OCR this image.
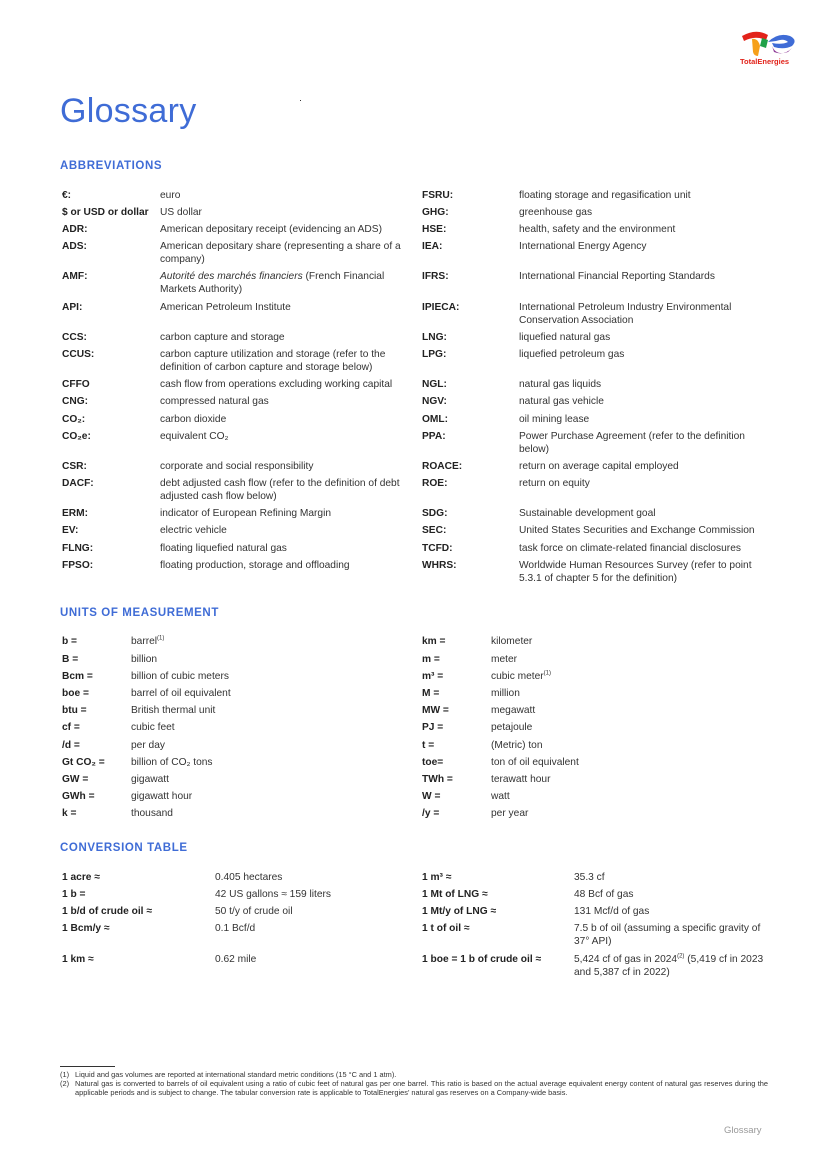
TotalEnergies
Glossary
ABBREVIATIONS
€:	euro
$ or USD or dollar US dollar
ADR:	American depositary receipt (evidencing an ADS)
ADS:	American depositary share (representing a share of a company)
AMF:	Autorité des marchés financiers (French Financial Markets Authority)
API:	American Petroleum Institute
CCS:	carbon capture and storage
CCUS:	carbon capture utilization and storage (refer to the definition of carbon capture and storage below)
CFFO	cash flow from operations excluding working capital
CNG:	compressed natural gas
CO₂:	carbon dioxide
CO₂e:	equivalent CO₂
CSR:	corporate and social responsibility
DACF:	debt adjusted cash flow (refer to the definition of debt adjusted cash flow below)
ERM:	indicator of European Refining Margin
EV:	electric vehicle
FLNG:	floating liquefied natural gas
FPSO:	floating production, storage and offloading
FSRU:	floating storage and regasification unit
GHG:	greenhouse gas
HSE:	health, safety and the environment
IEA:	International Energy Agency
IFRS:	International Financial Reporting Standards
IPIECA:	International Petroleum Industry Environmental Conservation Association
LNG:	liquefied natural gas
LPG:	liquefied petroleum gas
NGL:	natural gas liquids
NGV:	natural gas vehicle
OML:	oil mining lease
PPA:	Power Purchase Agreement (refer to the definition below)
ROACE:	return on average capital employed
ROE:	return on equity
SDG:	Sustainable development goal
SEC:	United States Securities and Exchange Commission
TCFD:	task force on climate-related financial disclosures
WHRS:	Worldwide Human Resources Survey (refer to point 5.3.1 of chapter 5 for the definition)
UNITS OF MEASUREMENT
b =	barrel$^{(1)}$
B =	billion
Bcm =	billion of cubic meters
boe =	barrel of oil equivalent
btu =	British thermal unit
cf =	cubic feet
/d =	per day
Gt CO₂ =	billion of CO₂ tons
GW =	gigawatt
GWh =	gigawatt hour
k =	thousand
km =	kilometer
m =	meter
m³ =	cubic meter$^{(1)}$
M =	million
MW =	megawatt
PJ =	petajoule
t =	(Metric) ton
toe=	ton of oil equivalent
TWh =	terawatt hour
W =	watt
/y =	per year
CONVERSION TABLE
1 acre ≈	0.405 hectares
1 b =	42 US gallons ≈ 159 liters
1 b/d of crude oil ≈	50 t/y of crude oil
1 Bcm/y ≈	0.1 Bcf/d
1 km ≈	0.62 mile
1 m³ ≈	35.3 cf
1 Mt of LNG ≈	48 Bcf of gas
1 Mt/y of LNG ≈	131 Mcf/d of gas
1 t of oil ≈	7.5 b of oil (assuming a specific gravity of 37° API)
1 boe = 1 b of crude oil ≈	5,424 cf of gas in 2024$^{(2)}$ (5,419 cf in 2023 and 5,387 cf in 2022)
(1) Liquid and gas volumes are reported at international standard metric conditions (15 °C and 1 atm).
(2) Natural gas is converted to barrels of oil equivalent using a ratio of cubic feet of natural gas per one barrel. This ratio is based on the actual average equivalent energy content of natural gas reserves during the applicable periods and is subject to change. The tabular conversion rate is applicable to TotalEnergies’ natural gas reserves on a Company-wide basis.
Glossary
